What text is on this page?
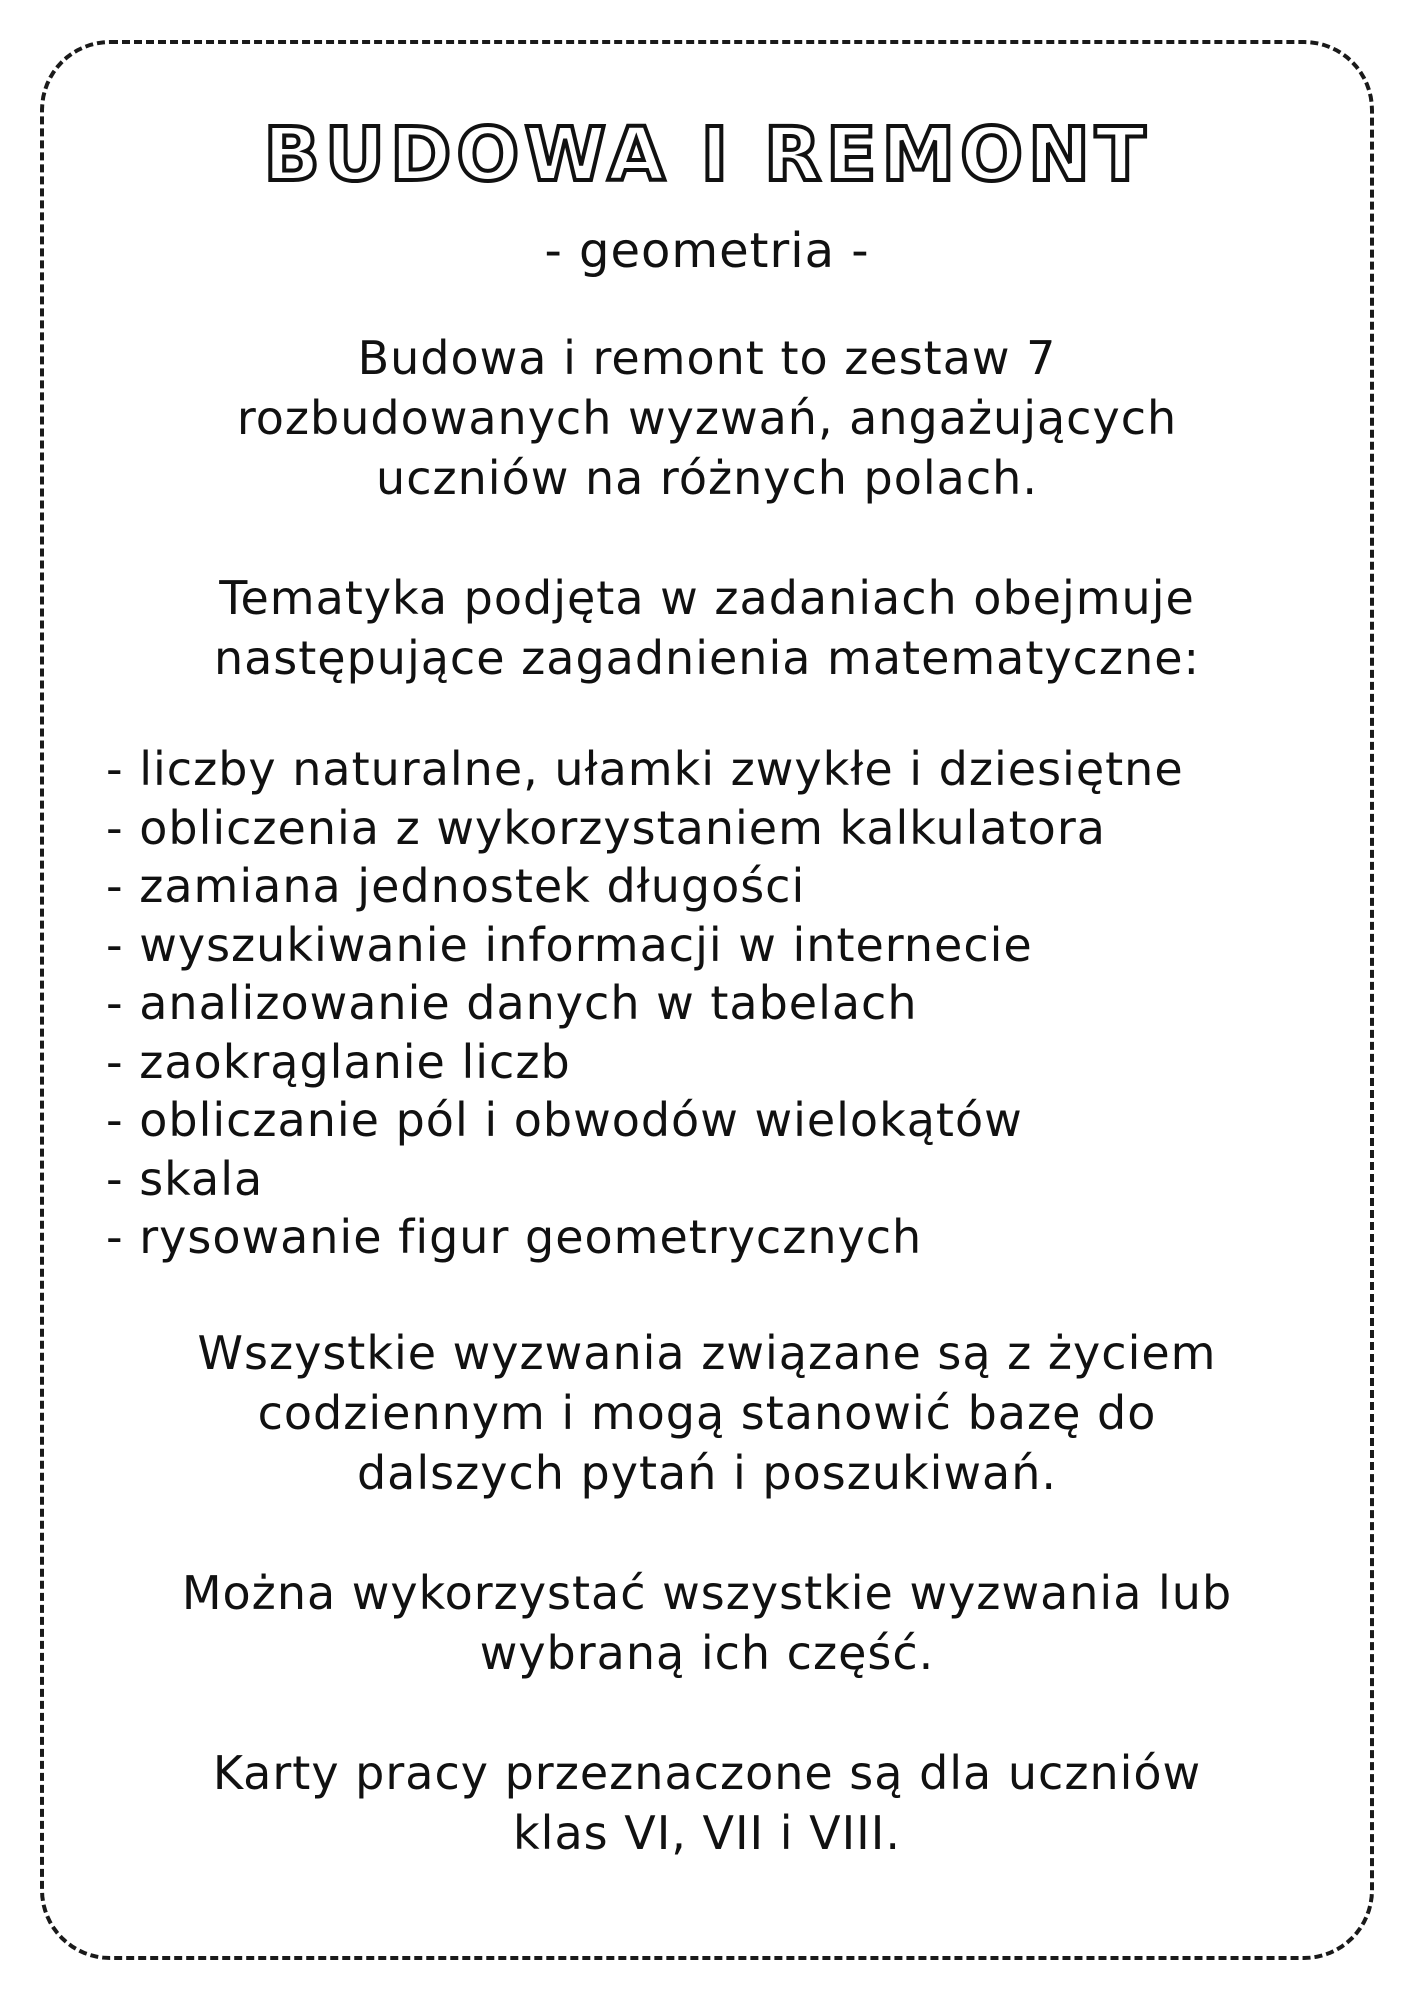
BUDOWA I REMONT

- geometria -

Budowa i remont to zestaw 7
rozbudowanych wyzwań, angażujących
uczniów na różnych polach.

Tematyka podjęta w zadaniach obejmuje
następujące zagadnienia matematyczne:

- liczby naturalne, ułamki zwykłe i dziesiętne
- obliczenia z wykorzystaniem kalkulatora
- zamiana jednostek długości
- wyszukiwanie informacji w internecie
- analizowanie danych w tabelach
- zaokrąglanie liczb
- obliczanie pól i obwodów wielokątów
- skala
- rysowanie figur geometrycznych

Wszystkie wyzwania związane są z życiem
codziennym i mogą stanowić bazę do
dalszych pytań i poszukiwań.

Można wykorzystać wszystkie wyzwania lub
wybraną ich część.

Karty pracy przeznaczone są dla uczniów
klas VI, VII i VIII.
